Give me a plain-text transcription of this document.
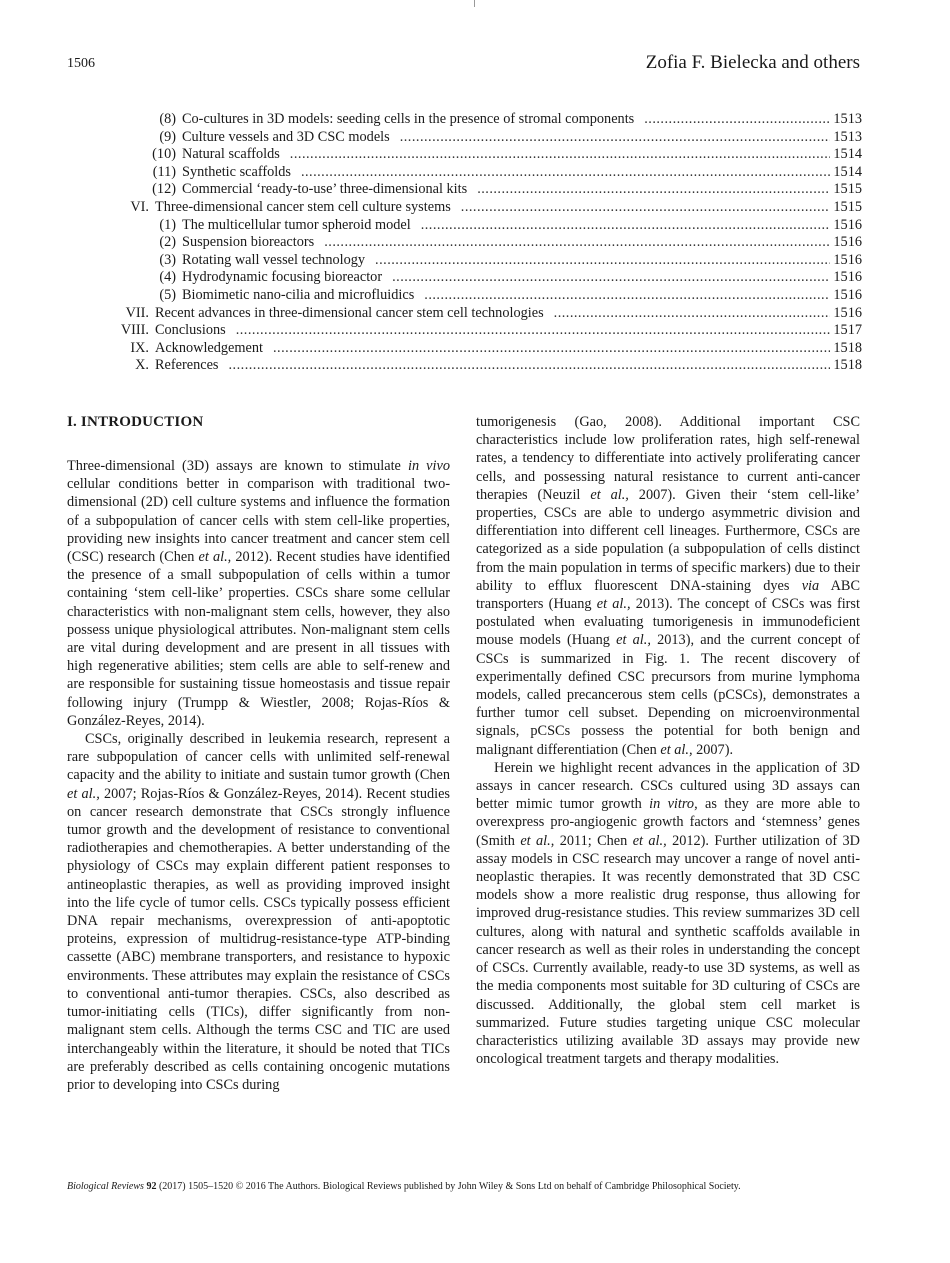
1506	Zofia F. Bielecka and others
(8) Co-cultures in 3D models: seeding cells in the presence of stromal components . . .	1513
(9) Culture vessels and 3D CSC models . . .	1513
(10) Natural scaffolds . . .	1514
(11) Synthetic scaffolds . . .	1514
(12) Commercial ‘ready-to-use’ three-dimensional kits . . .	1515
VI. Three-dimensional cancer stem cell culture systems . . .	1515
(1) The multicellular tumor spheroid model . . .	1516
(2) Suspension bioreactors . . .	1516
(3) Rotating wall vessel technology . . .	1516
(4) Hydrodynamic focusing bioreactor . . .	1516
(5) Biomimetic nano-cilia and microfluidics . . .	1516
VII. Recent advances in three-dimensional cancer stem cell technologies . . .	1516
VIII. Conclusions . . .	1517
IX. Acknowledgement . . .	1518
X. References . . .	1518
I. INTRODUCTION

Three-dimensional (3D) assays are known to stimulate in vivo cellular conditions better in comparison with traditional two-dimensional (2D) cell culture systems and influence the formation of a subpopulation of cancer cells with stem cell-like properties, providing new insights into cancer treatment and cancer stem cell (CSC) research (Chen et al., 2012). Recent studies have identified the presence of a small subpopulation of cells within a tumor containing ‘stem cell-like’ properties. CSCs share some cellular characteristics with non-malignant stem cells, however, they also possess unique physiological attributes. Non-malignant stem cells are vital during development and are present in all tissues with high regenerative abilities; stem cells are able to self-renew and are responsible for sustaining tissue homeostasis and tissue repair following injury (Trumpp & Wiestler, 2008; Rojas-Ríos & González-Reyes, 2014).

CSCs, originally described in leukemia research, represent a rare subpopulation of cancer cells with unlimited self-renewal capacity and the ability to initiate and sustain tumor growth (Chen et al., 2007; Rojas-Ríos & González-Reyes, 2014). Recent studies on cancer research demonstrate that CSCs strongly influence tumor growth and the development of resistance to conventional radiotherapies and chemotherapies. A better understanding of the physiology of CSCs may explain different patient responses to antineoplastic therapies, as well as providing improved insight into the life cycle of tumor cells. CSCs typically possess efficient DNA repair mechanisms, overexpression of anti-apoptotic proteins, expression of multidrug-resistance-type ATP-binding cassette (ABC) membrane transporters, and resistance to hypoxic environments. These attributes may explain the resistance of CSCs to conventional anti-tumor therapies. CSCs, also described as tumor-initiating cells (TICs), differ significantly from non-malignant stem cells. Although the terms CSC and TIC are used interchangeably within the literature, it should be noted that TICs are preferably described as cells containing oncogenic mutations prior to developing into CSCs during

tumorigenesis (Gao, 2008). Additional important CSC characteristics include low proliferation rates, high self-renewal rates, a tendency to differentiate into actively proliferating cancer cells, and possessing natural resistance to current anti-cancer therapies (Neuzil et al., 2007). Given their ‘stem cell-like’ properties, CSCs are able to undergo asymmetric division and differentiation into different cell lineages. Furthermore, CSCs are categorized as a side population (a subpopulation of cells distinct from the main population in terms of specific markers) due to their ability to efflux fluorescent DNA-staining dyes via ABC transporters (Huang et al., 2013). The concept of CSCs was first postulated when evaluating tumorigenesis in immunodeficient mouse models (Huang et al., 2013), and the current concept of CSCs is summarized in Fig. 1. The recent discovery of experimentally defined CSC precursors from murine lymphoma models, called precancerous stem cells (pCSCs), demonstrates a further tumor cell subset. Depending on microenvironmental signals, pCSCs possess the potential for both benign and malignant differentiation (Chen et al., 2007).

Herein we highlight recent advances in the application of 3D assays in cancer research. CSCs cultured using 3D assays can better mimic tumor growth in vitro, as they are more able to overexpress pro-angiogenic growth factors and ‘stemness’ genes (Smith et al., 2011; Chen et al., 2012). Further utilization of 3D assay models in CSC research may uncover a range of novel anti-neoplastic therapies. It was recently demonstrated that 3D CSC models show a more realistic drug response, thus allowing for improved drug-resistance studies. This review summarizes 3D cell cultures, along with natural and synthetic scaffolds available in cancer research as well as their roles in understanding the concept of CSCs. Currently available, ready-to use 3D systems, as well as the media components most suitable for 3D culturing of CSCs are discussed. Additionally, the global stem cell market is summarized. Future studies targeting unique CSC molecular characteristics utilizing available 3D assays may provide new oncological treatment targets and therapy modalities.

Biological Reviews 92 (2017) 1505–1520 © 2016 The Authors. Biological Reviews published by John Wiley & Sons Ltd on behalf of Cambridge Philosophical Society.
